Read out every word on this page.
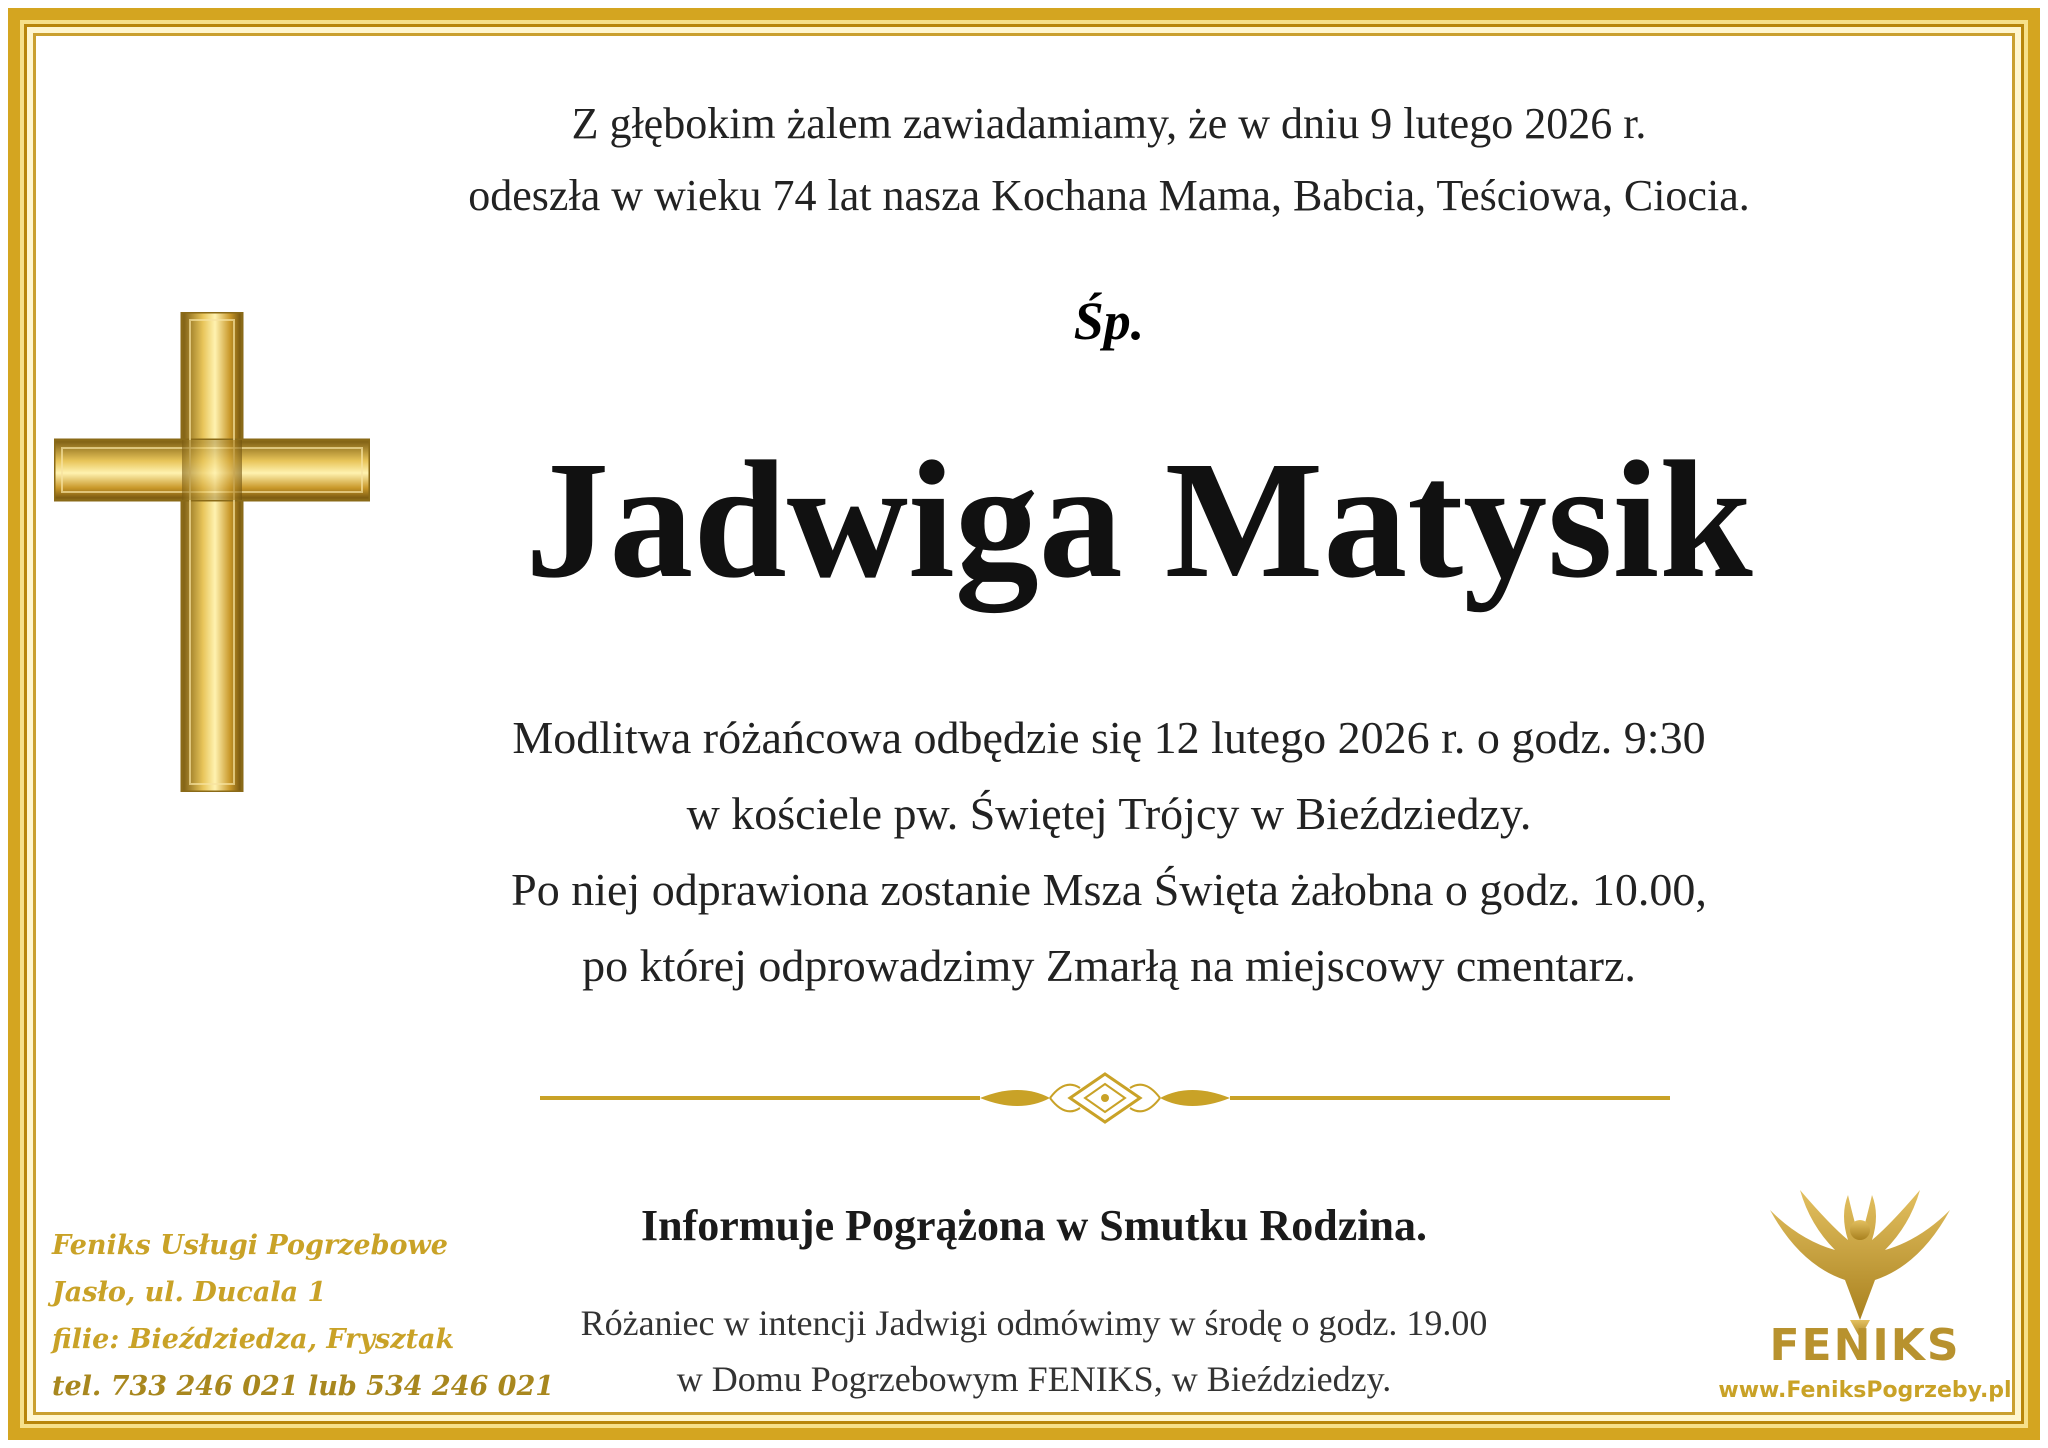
Z głębokim żalem zawiadamiamy, że w dniu 9 lutego 2026 r.
odeszła w wieku 74 lat nasza Kochana Mama, Babcia, Teściowa, Ciocia.
Śp.
Jadwiga Matysik
Modlitwa różańcowa odbędzie się 12 lutego 2026 r. o godz. 9:30
w kościele pw. Świętej Trójcy w Bieździedzy.
Po niej odprawiona zostanie Msza Święta żałobna o godz. 10.00,
po której odprowadzimy Zmarłą na miejscowy cmentarz.
Informuje Pogrążona w Smutku Rodzina.
Różaniec w intencji Jadwigi odmówimy w środę o godz. 19.00
w Domu Pogrzebowym FENIKS, w Bieździedzy.
Feniks Usługi Pogrzebowe
Jasło, ul. Ducala 1
filie: Bieździedza, Frysztak
tel. 733 246 021 lub 534 246 021
FENIKS
www.FeniksPogrzeby.pl
